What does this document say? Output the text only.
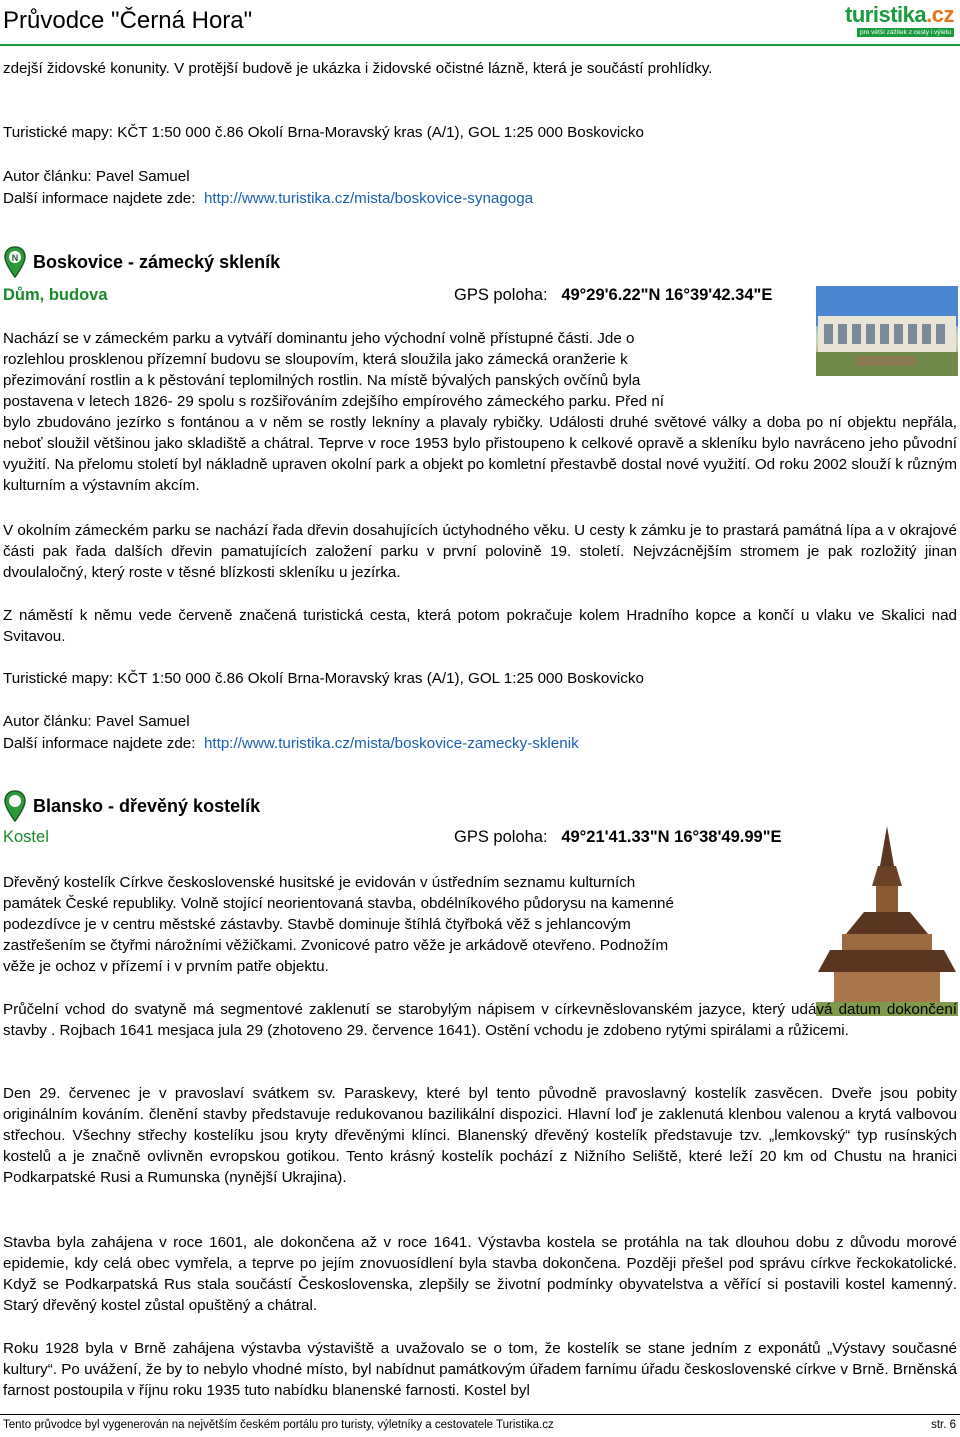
Průvodce "Černá Hora"	turistika.cz
pro větší zážitek z cesty i výletu

zdejší židovské konunity. V protější budově je ukázka i židovské očistné lázně, která je součástí prohlídky.

Turistické mapy: KČT 1:50 000 č.86 Okolí Brna-Moravský kras (A/1), GOL 1:25 000 Boskovicko
Autor článku: Pavel Samuel
Další informace najdete zde: http://www.turistika.cz/mista/boskovice-synagoga
N Boskovice - zámecký skleník
Dům, budova	GPS poloha: 49°29'6.22"N 16°39'42.34"E

Nachází se v zámeckém parku a vytváří dominantu jeho východní volně přístupné části. Jde o

rozlehlou prosklenou přízemní budovu se sloupovím, která sloužila jako zámecká oranžerie k

přezimování rostlin a k pěstování teplomilných rostlin. Na místě bývalých panských ovčínů byla

postavena v letech 1826- 29 spolu s rozšiřováním zdejšího empírového zámeckého parku. Před ní

bylo zbudováno jezírko s fontánou a v něm se rostly lekníny a plavaly rybičky. Události druhé světové války a doba po ní objektu nepřála, neboť sloužil většinou jako skladiště a chátral. Teprve v roce 1953 bylo přistoupeno k celkové opravě a skleníku bylo navráceno jeho původní využití. Na přelomu století byl nákladně upraven okolní park a objekt po komletní přestavbě dostal nové využití. Od roku 2002 slouží k různým kulturním a výstavním akcím.

V okolním zámeckém parku se nachází řada dřevin dosahujících úctyhodného věku. U cesty k zámku je to prastará památná lípa a v okrajové části pak řada dalších dřevin pamatujících založení parku v první polovině 19. století. Nejvzácnějším stromem je pak rozložitý jinan dvoulaločný, který roste v těsné blízkosti skleníku u jezírka.

Z náměstí k němu vede červeně značená turistická cesta, která potom pokračuje kolem Hradního kopce a končí u vlaku ve Skalici nad Svitavou.

Turistické mapy: KČT 1:50 000 č.86 Okolí Brna-Moravský kras (A/1), GOL 1:25 000 Boskovicko
Autor článku: Pavel Samuel
Další informace najdete zde: http://www.turistika.cz/mista/boskovice-zamecky-sklenik
Blansko - dřevěný kostelík
Kostel	GPS poloha: 49°21'41.33"N 16°38'49.99"E

Dřevěný kostelík Církve československé husitské je evidován v ústředním seznamu kulturních

památek České republiky. Volně stojící neorientovaná stavba, obdélníkového půdorysu na kamenné

podezdívce je v centru městské zástavby. Stavbě dominuje štíhlá čtyřboká věž s jehlancovým

zastřešením se čtyřmi nárožními věžičkami. Zvonicové patro věže je arkádově otevřeno. Podnožím

věže je ochoz v přízemí i v prvním patře objektu.

Průčelní vchod do svatyně má segmentové zaklenutí se starobylým nápisem v církevněslovanském jazyce, který udává datum dokončení stavby . Rojbach 1641 mesjaca jula 29 (zhotoveno 29. července 1641). Ostění vchodu je zdobeno rytými spirálami a růžicemi.

Den 29. červenec je v pravoslaví svátkem sv. Paraskevy, které byl tento původně pravoslavný kostelík zasvěcen. Dveře jsou pobity originálním kováním. členění stavby představuje redukovanou bazilikální dispozici. Hlavní loď je zaklenutá klenbou valenou a krytá valbovou střechou. Všechny střechy kostelíku jsou kryty dřevěnými klínci. Blanenský dřevěný kostelík představuje tzv. „lemkovský“ typ rusínských kostelů a je značně ovlivněn evropskou gotikou. Tento krásný kostelík pochází z Nižního Seliště, které leží 20 km od Chustu na hranici Podkarpatské Rusi a Rumunska (nynější Ukrajina).

Stavba byla zahájena v roce 1601, ale dokončena až v roce 1641. Výstavba kostela se protáhla na tak dlouhou dobu z důvodu morové epidemie, kdy celá obec vymřela, a teprve po jejím znovuosídlení byla stavba dokončena. Později přešel pod správu církve řeckokatolické. Když se Podkarpatská Rus stala součástí Československa, zlepšily se životní podmínky obyvatelstva a věřící si postavili kostel kamenný. Starý dřevěný kostel zůstal opuštěný a chátral.

Roku 1928 byla v Brně zahájena výstavba výstaviště a uvažovalo se o tom, že kostelík se stane jedním z exponátů „Výstavy současné kultury“. Po uvážení, že by to nebylo vhodné místo, byl nabídnut památkovým úřadem farnímu úřadu československé církve v Brně. Brněnská farnost postoupila v říjnu roku 1935 tuto nabídku blanenské farnosti. Kostel byl

Tento průvodce byl vygenerován na největším českém portálu pro turisty, výletníky a cestovatele Turistika.cz	str. 6
